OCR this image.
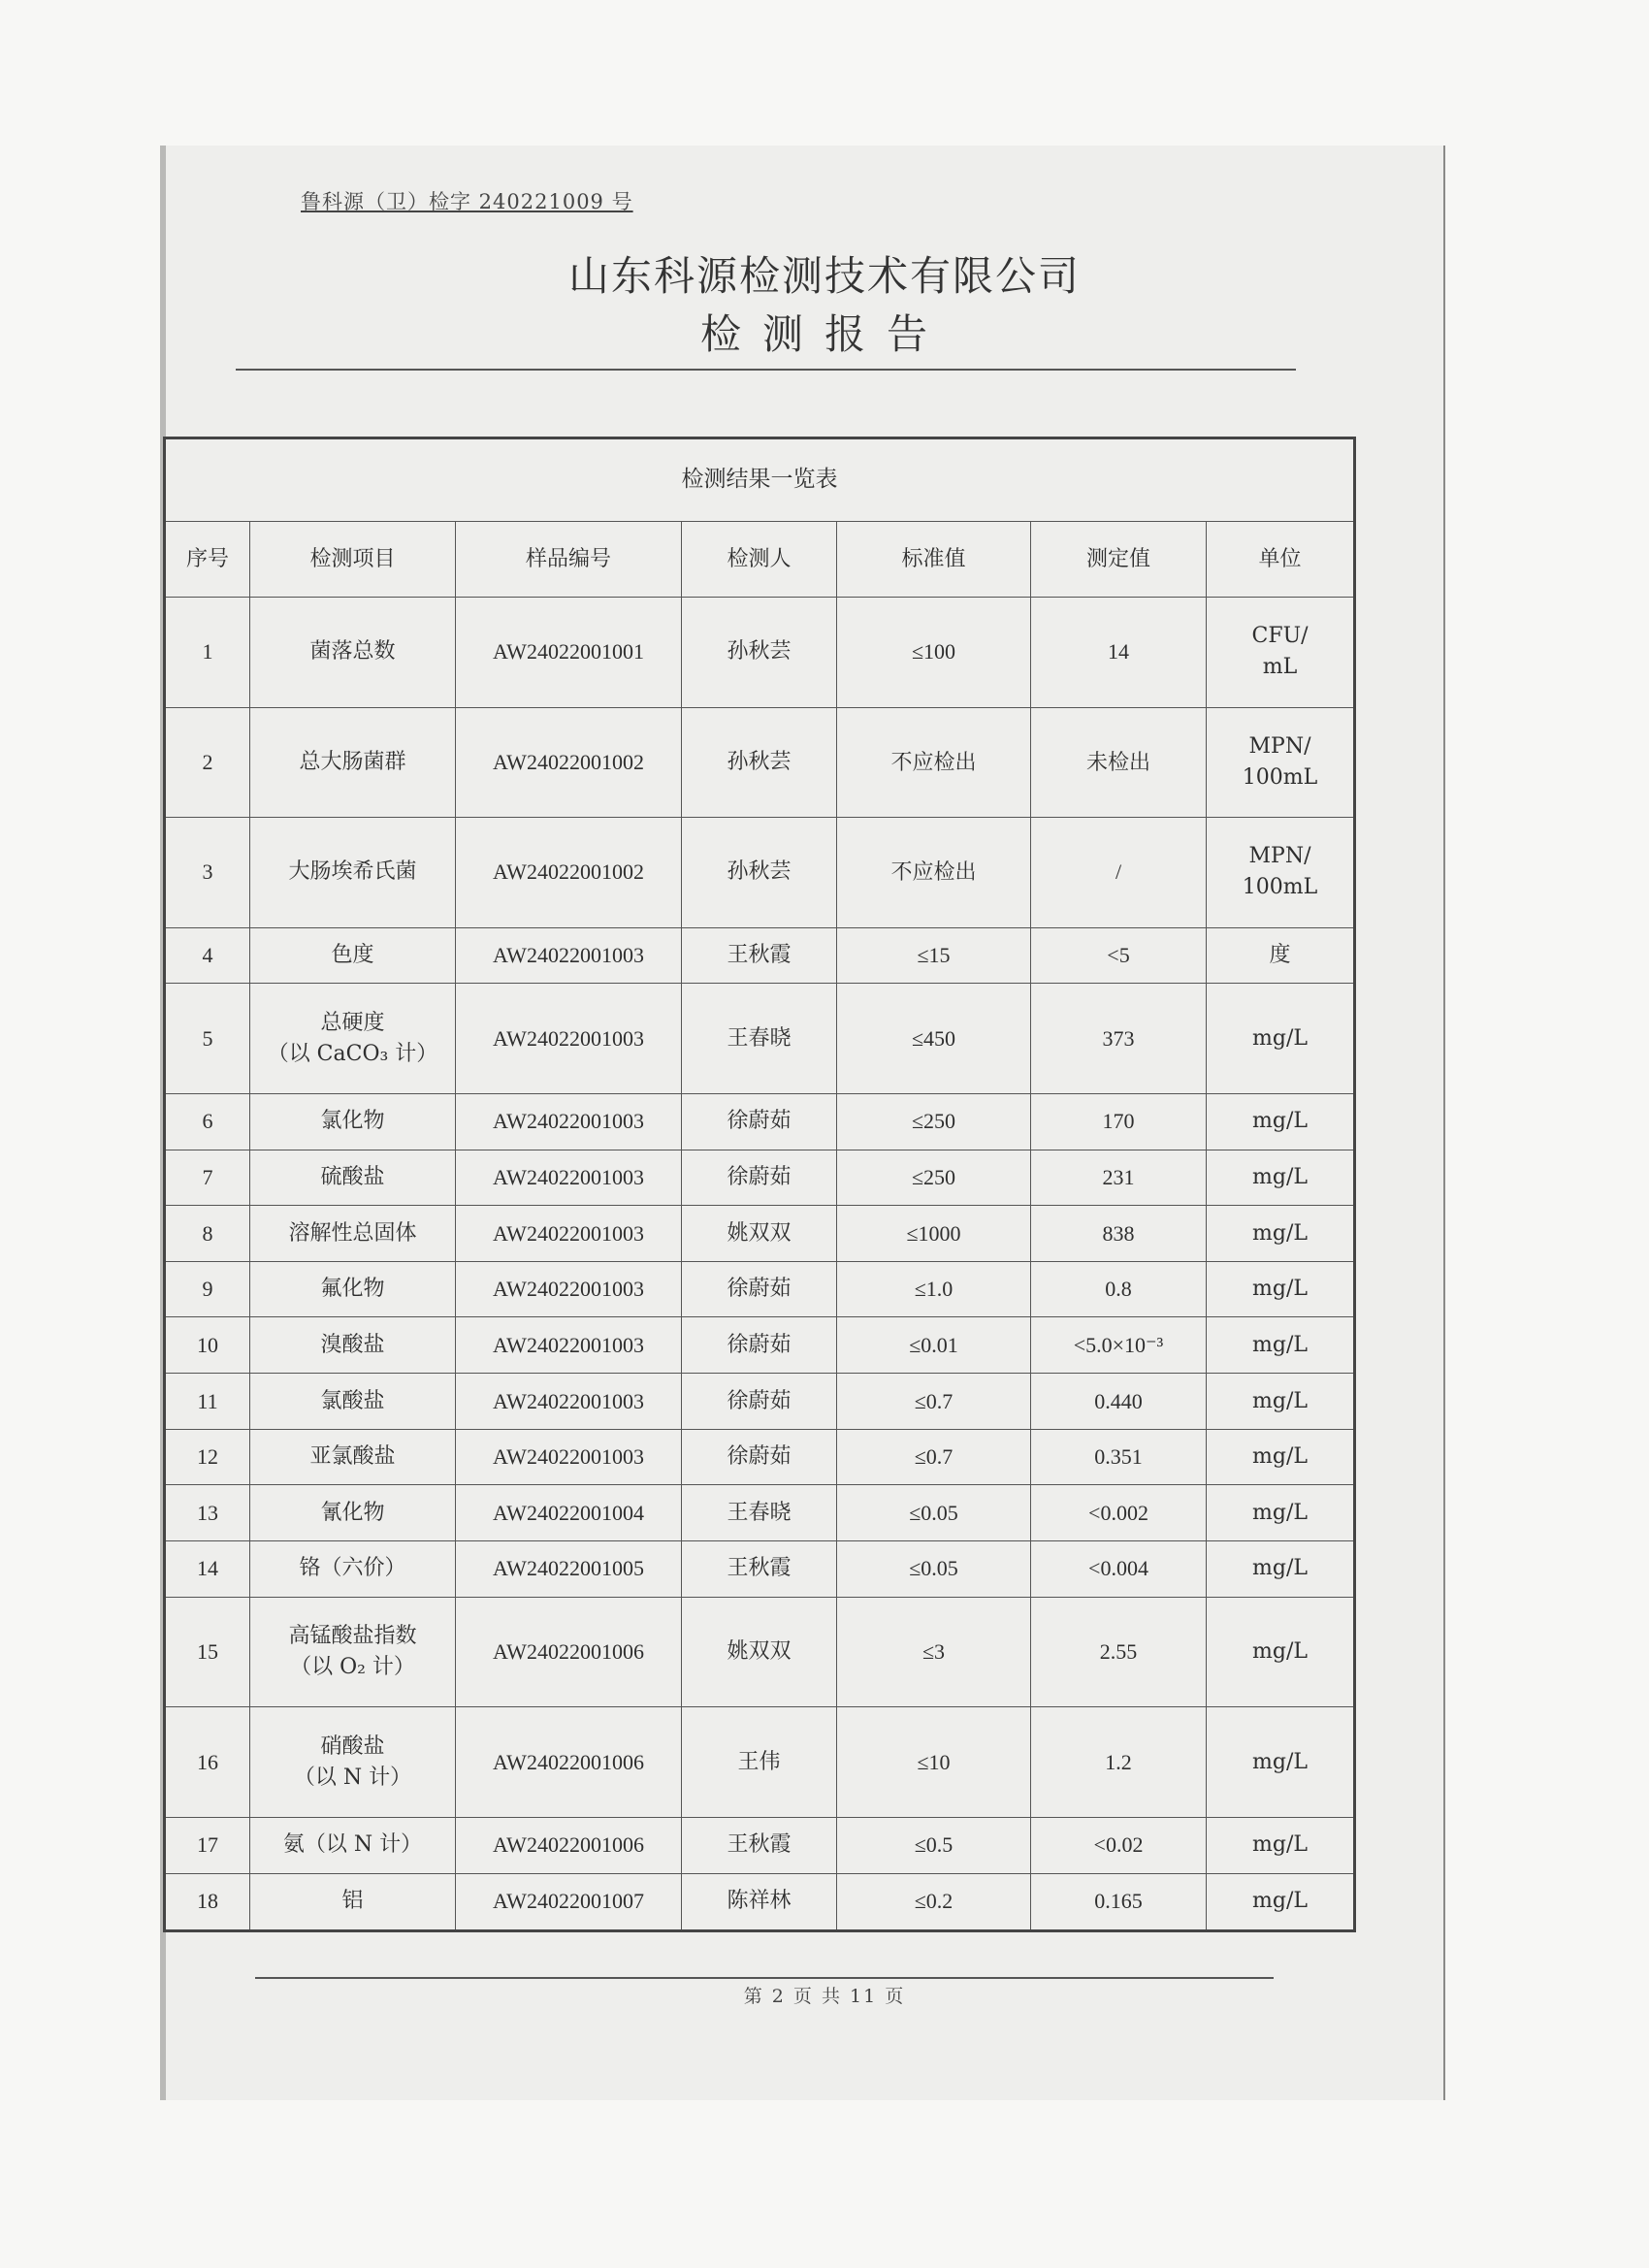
鲁科源（卫）检字 240221009 号
山东科源检测技术有限公司
检测报告
检测结果一览表						
序号	检测项目	样品编号	检测人	标准值	测定值	单位

1	菌落总数	AW24022001001	孙秋芸	≤100	14	CFU/
mL

2	总大肠菌群	AW24022001002	孙秋芸	不应检出	未检出	MPN/
100mL

3	大肠埃希氏菌	AW24022001002	孙秋芸	不应检出	/	MPN/
100mL

4	色度	AW24022001003	王秋霞	≤15	<5	度

5	总硬度
（以 CaCO₃ 计）	AW24022001003	王春晓	≤450	373	mg/L

6	氯化物	AW24022001003	徐蔚茹	≤250	170	mg/L

7	硫酸盐	AW24022001003	徐蔚茹	≤250	231	mg/L

8	溶解性总固体	AW24022001003	姚双双	≤1000	838	mg/L

9	氟化物	AW24022001003	徐蔚茹	≤1.0	0.8	mg/L

10	溴酸盐	AW24022001003	徐蔚茹	≤0.01	<5.0×10⁻³	mg/L

11	氯酸盐	AW24022001003	徐蔚茹	≤0.7	0.440	mg/L

12	亚氯酸盐	AW24022001003	徐蔚茹	≤0.7	0.351	mg/L

13	氰化物	AW24022001004	王春晓	≤0.05	<0.002	mg/L

14	铬（六价）	AW24022001005	王秋霞	≤0.05	<0.004	mg/L

15	高锰酸盐指数
（以 O₂ 计）	AW24022001006	姚双双	≤3	2.55	mg/L

16	硝酸盐
（以 N 计）	AW24022001006	王伟	≤10	1.2	mg/L

17	氨（以 N 计）	AW24022001006	王秋霞	≤0.5	<0.02	mg/L

18	铝	AW24022001007	陈祥林	≤0.2	0.165	mg/L
第 2 页 共 11 页
